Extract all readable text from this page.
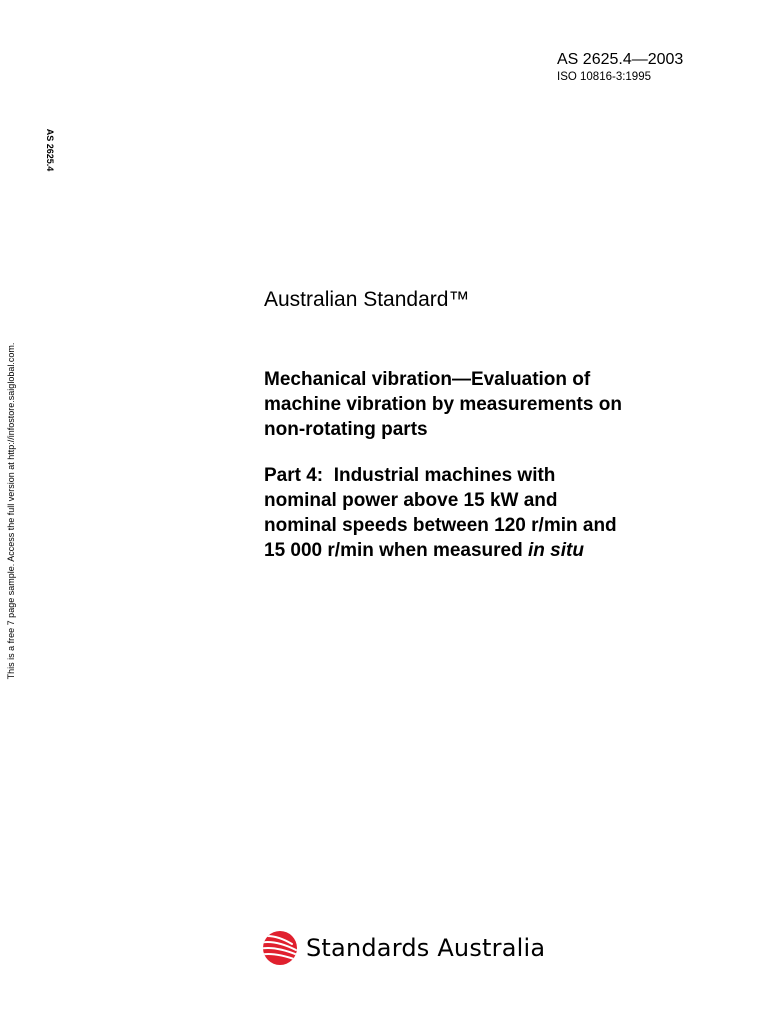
AS 2625.4—2003
ISO 10816-3:1995
AS 2625.4
This is a free 7 page sample. Access the full version at http://infostore.saiglobal.com.
Australian Standard™
Mechanical vibration—Evaluation of
machine vibration by measurements on
non-rotating parts
Part 4:  Industrial machines with
nominal power above 15 kW and
nominal speeds between 120 r/min and
15 000 r/min when measured in situ
Standards Australia
